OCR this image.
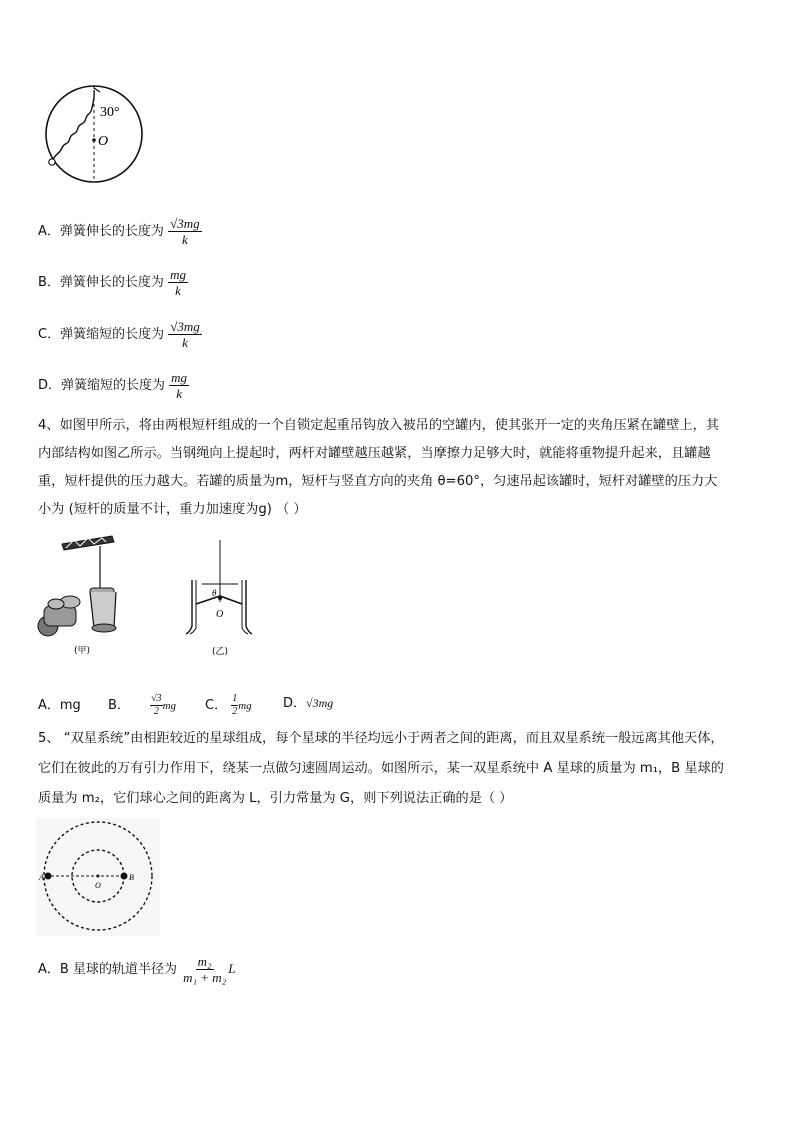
30°
O
A．弹簧伸长的长度为 $\frac{√3mg}{k}$
B．弹簧伸长的长度为 $\frac{mg}{k}$
C．弹簧缩短的长度为 $\frac{√3mg}{k}$
D．弹簧缩短的长度为 $\frac{mg}{k}$
4、如图甲所示，将由两根短杆组成的一个自锁定起重吊钩放入被吊的空罐内，使其张开一定的夹角压紧在罐壁上，其
内部结构如图乙所示。当钢绳向上提起时，两杆对罐壁越压越紧，当摩擦力足够大时，就能将重物提升起来，且罐越
重，短杆提供的压力越大。若罐的质量为m，短杆与竖直方向的夹角 θ=60°，匀速吊起该罐时，短杆对罐壁的压力大
小为 (短杆的质量不计，重力加速度为g) （ ）
(甲)
θ
O
(乙)
A．mg B． $\frac{√3}{2}$ mg C． $\frac{1}{2}$ mg D．√3mg
5、 “双星系统”由相距较近的星球组成，每个星球的半径均远小于两者之间的距离，而且双星系统一般远离其他天体，
它们在彼此的万有引力作用下，绕某一点做匀速圆周运动。如图所示，某一双星系统中 A 星球的质量为 m₁，B 星球的
质量为 m₂，它们球心之间的距离为 L，引力常量为 G，则下列说法正确的是（ ）
A
O
B
A．B 星球的轨道半径为 $\frac{\text{m₂}}{\text{m₁ + m₂}}$ L
